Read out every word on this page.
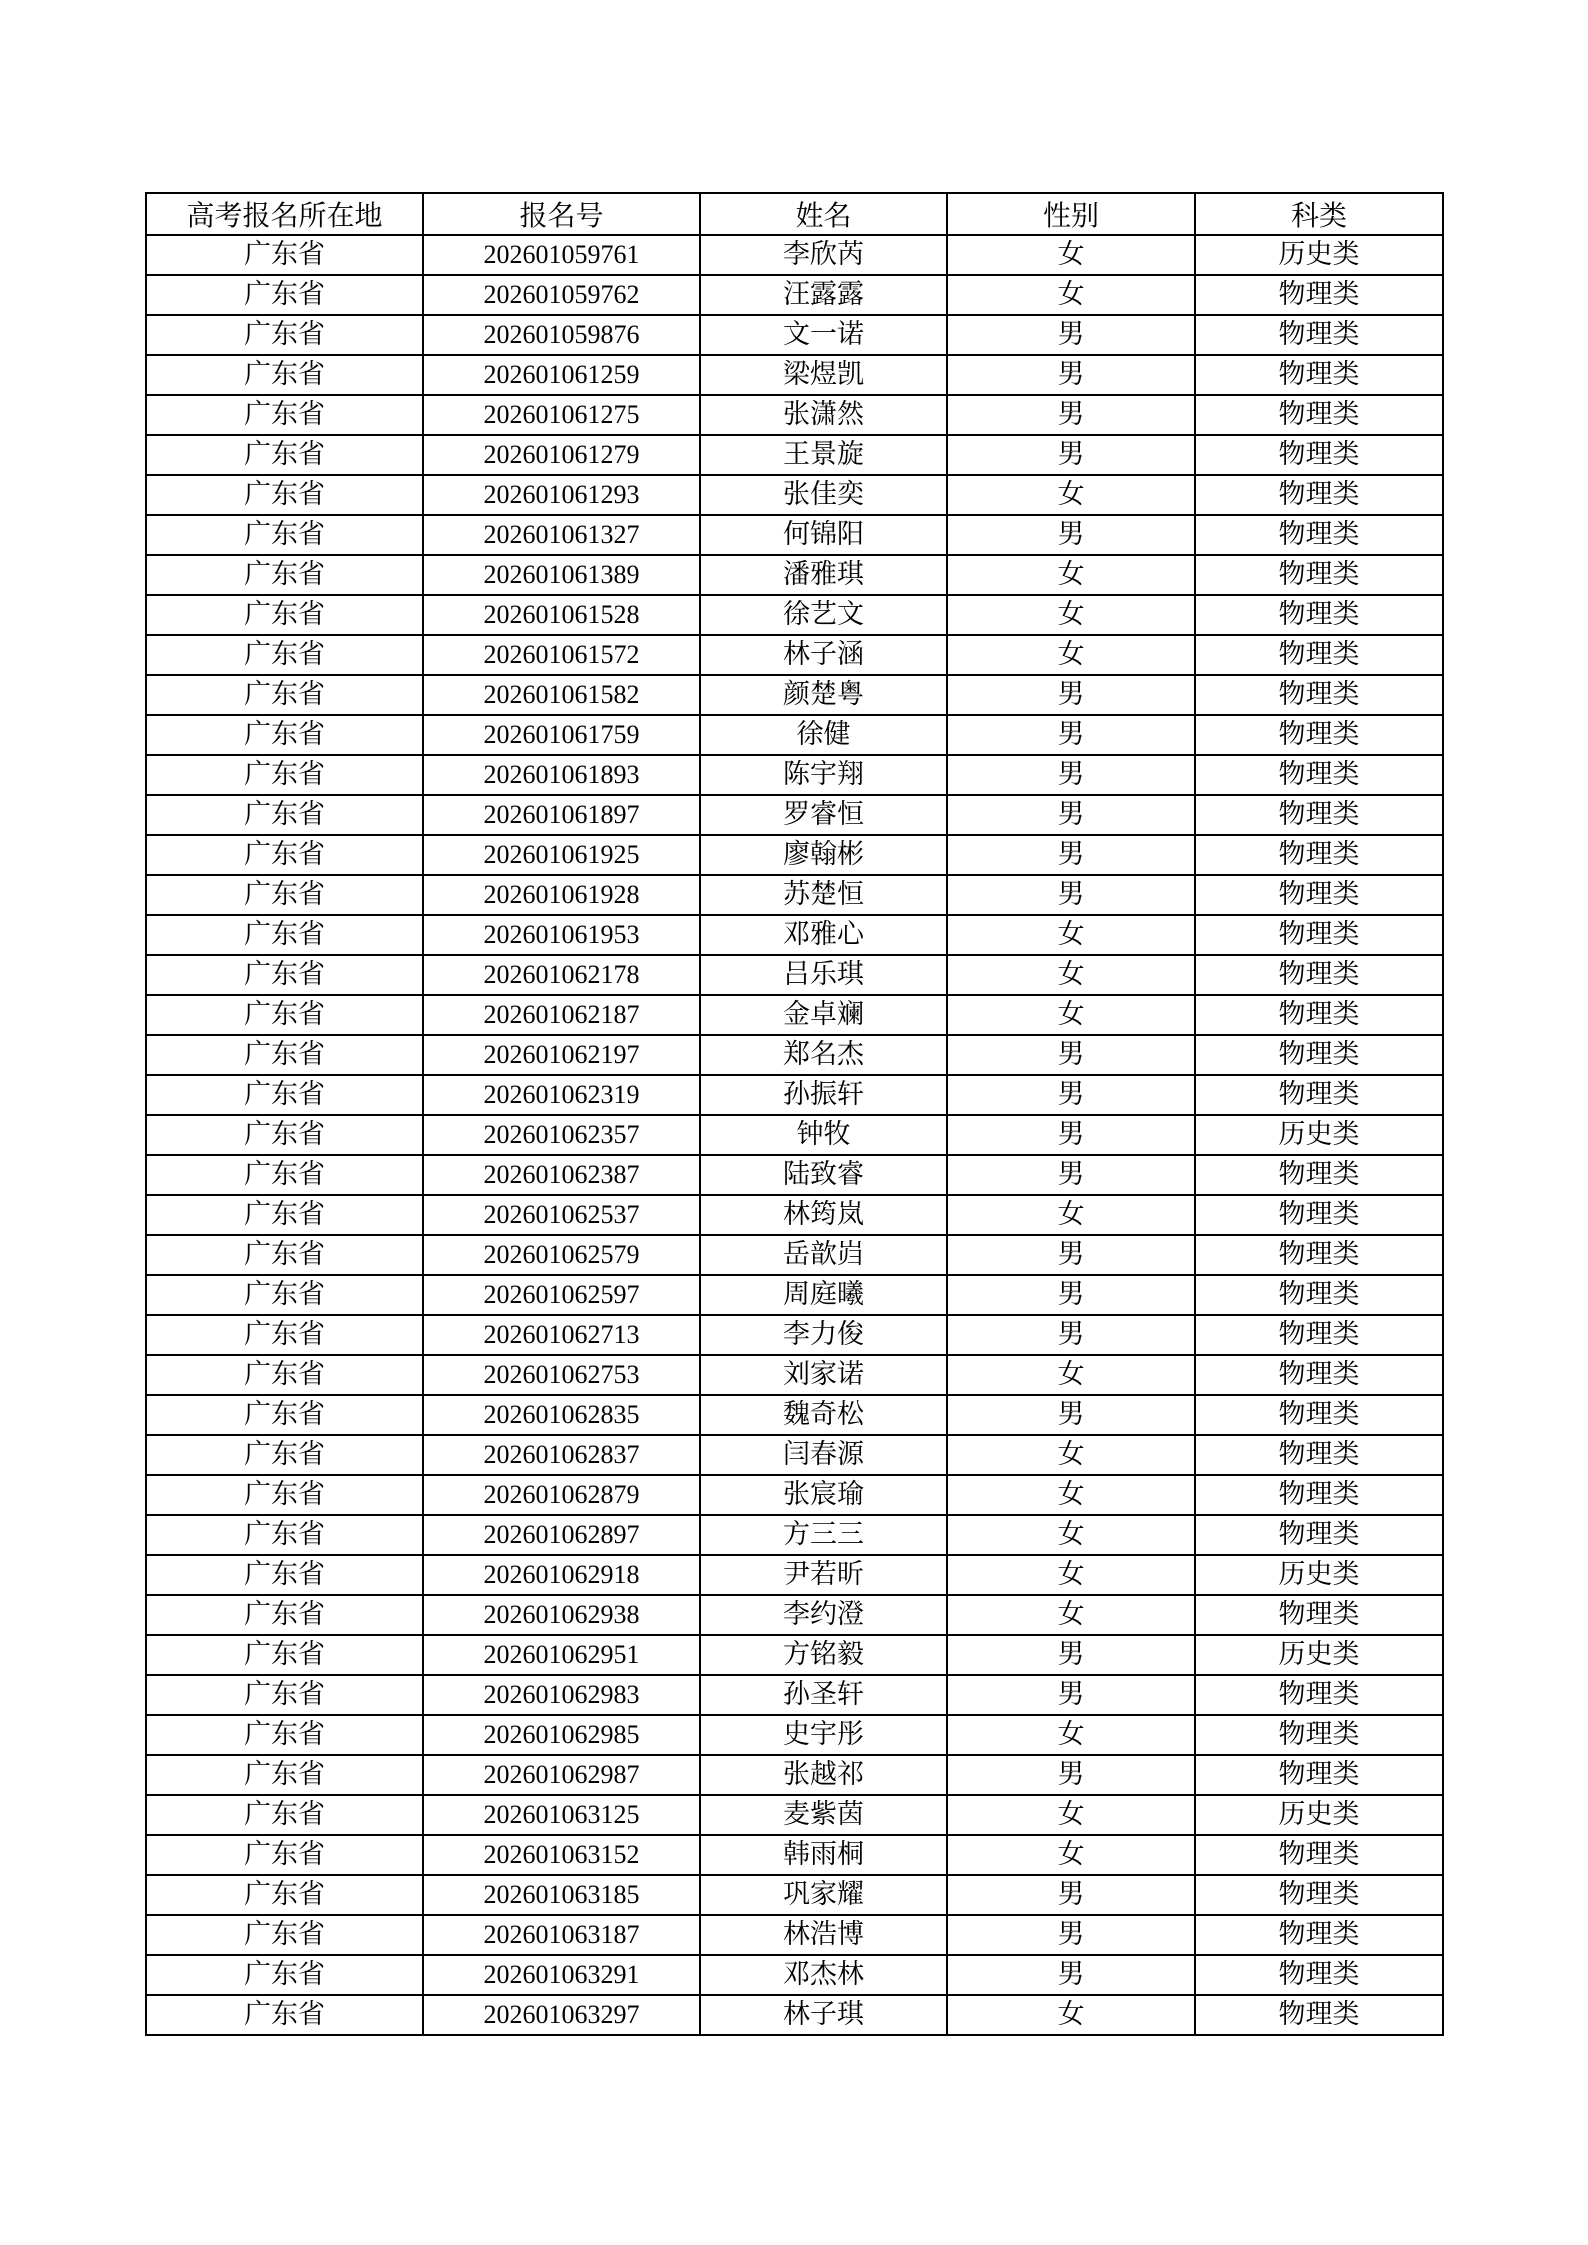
高考报名所在地	报名号	姓名	性别	科类
广东省	202601059761	李欣芮	女	历史类
广东省	202601059762	汪露露	女	物理类
广东省	202601059876	文一诺	男	物理类
广东省	202601061259	梁煜凯	男	物理类
广东省	202601061275	张潇然	男	物理类
广东省	202601061279	王景旋	男	物理类
广东省	202601061293	张佳奕	女	物理类
广东省	202601061327	何锦阳	男	物理类
广东省	202601061389	潘雅琪	女	物理类
广东省	202601061528	徐艺文	女	物理类
广东省	202601061572	林子涵	女	物理类
广东省	202601061582	颜楚粤	男	物理类
广东省	202601061759	徐健	男	物理类
广东省	202601061893	陈宇翔	男	物理类
广东省	202601061897	罗睿恒	男	物理类
广东省	202601061925	廖翰彬	男	物理类
广东省	202601061928	苏楚恒	男	物理类
广东省	202601061953	邓雅心	女	物理类
广东省	202601062178	吕乐琪	女	物理类
广东省	202601062187	金卓斓	女	物理类
广东省	202601062197	郑名杰	男	物理类
广东省	202601062319	孙振轩	男	物理类
广东省	202601062357	钟牧	男	历史类
广东省	202601062387	陆致睿	男	物理类
广东省	202601062537	林筠岚	女	物理类
广东省	202601062579	岳歆岿	男	物理类
广东省	202601062597	周庭曦	男	物理类
广东省	202601062713	李力俊	男	物理类
广东省	202601062753	刘家诺	女	物理类
广东省	202601062835	魏奇松	男	物理类
广东省	202601062837	闫春源	女	物理类
广东省	202601062879	张宸瑜	女	物理类
广东省	202601062897	方三三	女	物理类
广东省	202601062918	尹若昕	女	历史类
广东省	202601062938	李约澄	女	物理类
广东省	202601062951	方铭毅	男	历史类
广东省	202601062983	孙圣轩	男	物理类
广东省	202601062985	史宇彤	女	物理类
广东省	202601062987	张越祁	男	物理类
广东省	202601063125	麦紫茵	女	历史类
广东省	202601063152	韩雨桐	女	物理类
广东省	202601063185	巩家耀	男	物理类
广东省	202601063187	林浩博	男	物理类
广东省	202601063291	邓杰林	男	物理类
广东省	202601063297	林子琪	女	物理类
